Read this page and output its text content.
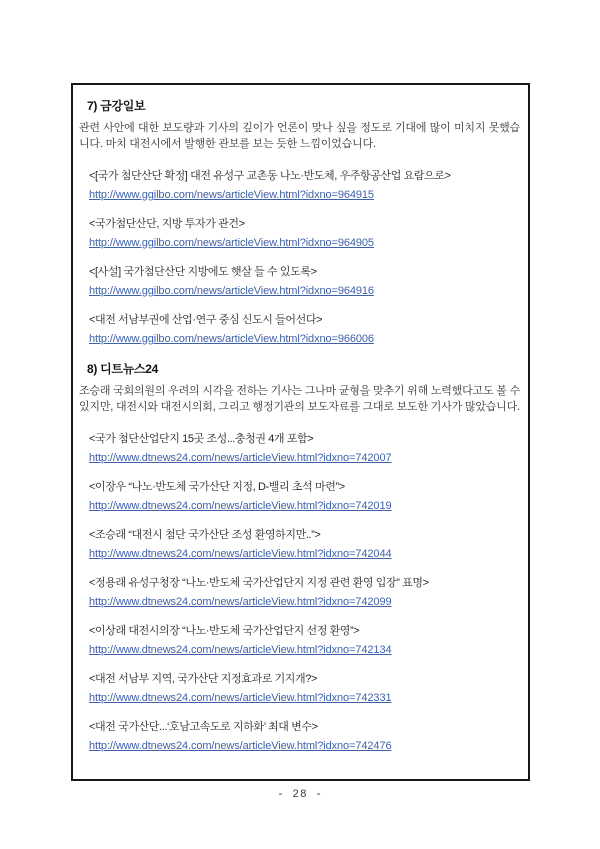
7) 금강일보

관련 사안에 대한 보도량과 기사의 깊이가 언론이 맞나 싶을 정도로 기대에 많이 미치지 못했습니다. 마치 대전시에서 발행한 관보를 보는 듯한 느낌이었습니다.

<[국가 첨단산단 확정] 대전 유성구 교촌동 나노·반도체, 우주항공산업 요람으로>
http://www.ggilbo.com/news/articleView.html?idxno=964915
<국가첨단산단, 지방 투자가 관건>
http://www.ggilbo.com/news/articleView.html?idxno=964905
<[사설] 국가첨단산단 지방에도 햇살 들 수 있도록>
http://www.ggilbo.com/news/articleView.html?idxno=964916
<대전 서남부권에 산업·연구 중심 신도시 들어선다>
http://www.ggilbo.com/news/articleView.html?idxno=966006
8) 디트뉴스24

조승래 국회의원의 우려의 시각을 전하는 기사는 그나마 균형을 맞추기 위해 노력했다고도 볼 수 있지만, 대전시와 대전시의회, 그리고 행정기관의 보도자료를 그대로 보도한 기사가 많았습니다.

<국가 첨단산업단지 15곳 조성...충청권 4개 포함>
http://www.dtnews24.com/news/articleView.html?idxno=742007
<이장우 “나노·반도체 국가산단 지정, D-밸리 초석 마련”>
http://www.dtnews24.com/news/articleView.html?idxno=742019
<조승래 “대전시 첨단 국가산단 조성 환영하지만..”>
http://www.dtnews24.com/news/articleView.html?idxno=742044
<정용래 유성구청장 “나노·반도체 국가산업단지 지정 관련 환영 입장” 표명>
http://www.dtnews24.com/news/articleView.html?idxno=742099
<이상래 대전시의장 “나노·반도체 국가산업단지 선정 환영”>
http://www.dtnews24.com/news/articleView.html?idxno=742134
<대전 서남부 지역, 국가산단 지정효과로 기지개?>
http://www.dtnews24.com/news/articleView.html?idxno=742331
<대전 국가산단...‘호남고속도로 지하화’ 최대 변수>
http://www.dtnews24.com/news/articleView.html?idxno=742476
- 28 -
